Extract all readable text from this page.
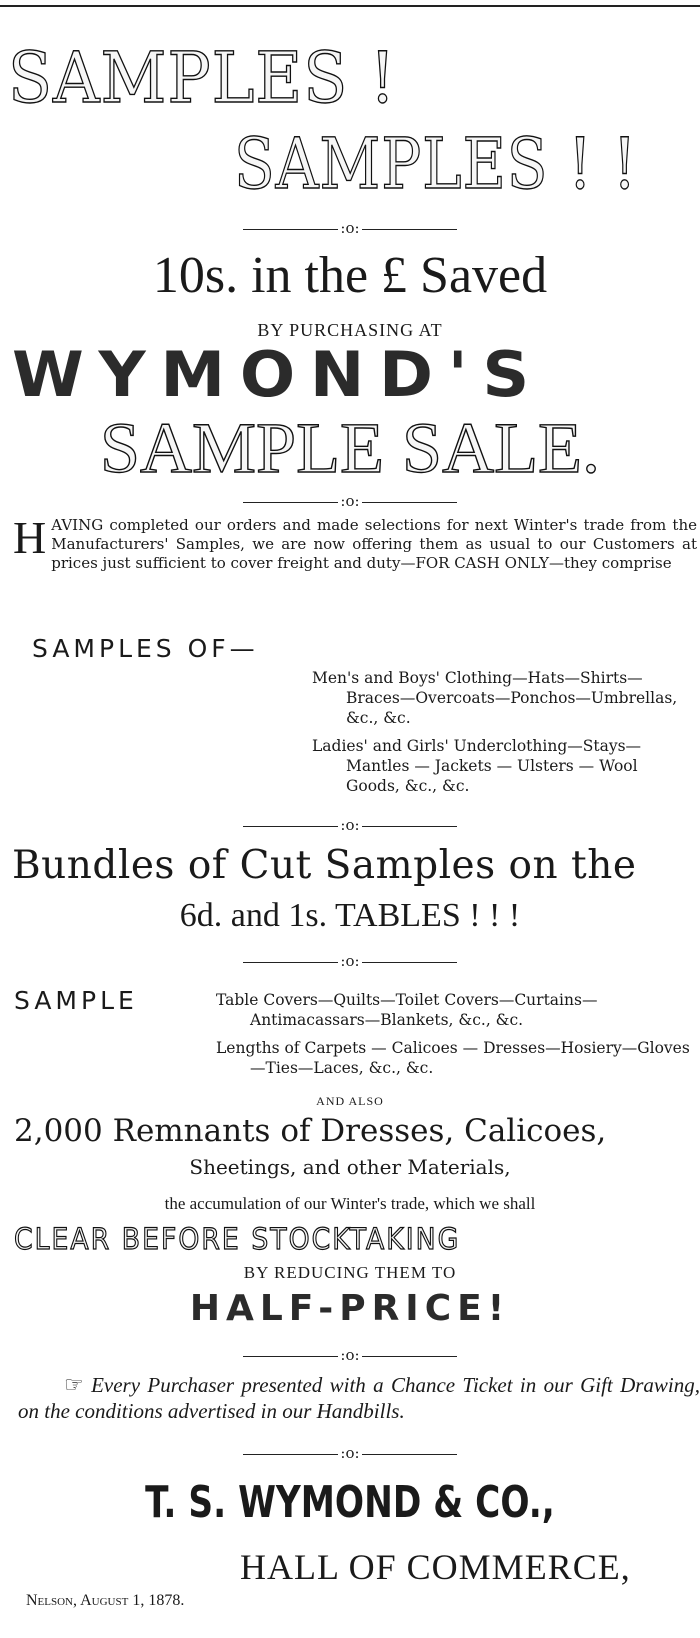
SAMPLES !
SAMPLES ! !
:o:
10s. in the £ Saved
BY PURCHASING AT
WYMOND'S
SAMPLE SALE.
:o:
HAVING completed our orders and made selections for next Winter's trade from the Manufacturers' Samples, we are now offering them as usual to our Customers at prices just sufficient to cover freight and duty—FOR CASH ONLY—they comprise
SAMPLES OF—
Men's and Boys' Clothing—Hats—Shirts—Braces—Overcoats—Ponchos—Umbrellas, &c., &c.
Ladies' and Girls' Underclothing—Stays—Mantles — Jackets — Ulsters — Wool Goods, &c., &c.
:o:
Bundles of Cut Samples on the
6d. and 1s. TABLES ! ! !
:o:
SAMPLE	Table Covers—Quilts—Toilet Covers—Curtains—Antimacassars—Blankets, &c., &c.
Lengths of Carpets — Calicoes — Dresses—Hosiery—Gloves—Ties—Laces, &c., &c.
AND ALSO
2,000 Remnants of Dresses, Calicoes,
Sheetings, and other Materials,
the accumulation of our Winter's trade, which we shall
CLEAR BEFORE STOCKTAKING
BY REDUCING THEM TO
HALF-PRICE!
:o:
☞ Every Purchaser presented with a Chance Ticket in our Gift Drawing, on the conditions advertised in our Handbills.
:o:
T. S. WYMOND & CO.,
HALL OF COMMERCE,
Nelson, August 1, 1878.
